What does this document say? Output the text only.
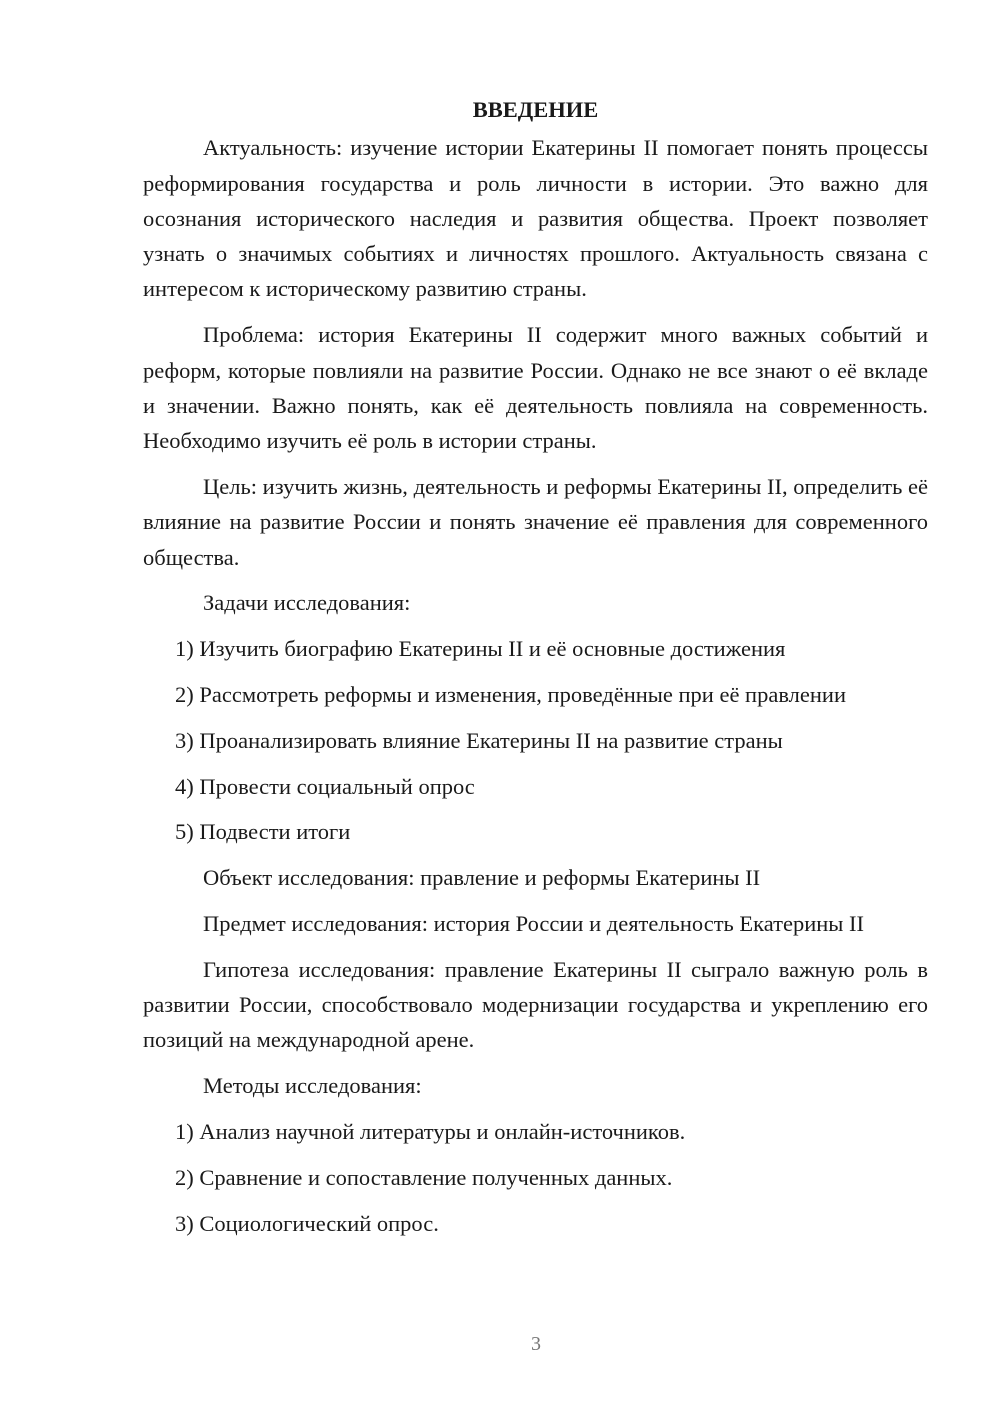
ВВЕДЕНИЕ
Актуальность: изучение истории Екатерины II помогает понять процессы реформирования государства и роль личности в истории. Это важно для осознания исторического наследия и развития общества. Проект позволяет узнать о значимых событиях и личностях прошлого. Актуальность связана с интересом к историческому развитию страны.
Проблема: история Екатерины II содержит много важных событий и реформ, которые повлияли на развитие России. Однако не все знают о её вкладе и значении. Важно понять, как её деятельность повлияла на современность. Необходимо изучить её роль в истории страны.
Цель: изучить жизнь, деятельность и реформы Екатерины II, определить её влияние на развитие России и понять значение её правления для современного общества.
Задачи исследования:
1) Изучить биографию Екатерины II и её основные достижения
2) Рассмотреть реформы и изменения, проведённые при её правлении
3) Проанализировать влияние Екатерины II на развитие страны
4) Провести социальный опрос
5) Подвести итоги
Объект исследования: правление и реформы Екатерины II
Предмет исследования: история России и деятельность Екатерины II
Гипотеза исследования: правление Екатерины II сыграло важную роль в развитии России, способствовало модернизации государства и укреплению его позиций на международной арене.
Методы исследования:
1) Анализ научной литературы и онлайн-источников.
2) Сравнение и сопоставление полученных данных.
3) Социологический опрос.
3
